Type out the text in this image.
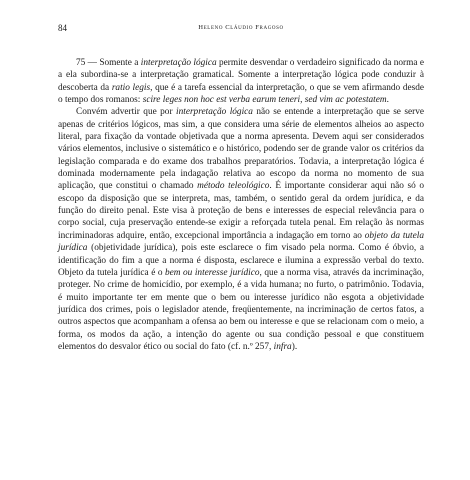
84	Heleno Cláudio Fragoso

75 — Somente a interpretação lógica permite desvendar o verdadeiro significado da norma e a ela subordina-se a interpretação gramatical. Somente a interpretação lógica pode conduzir à descoberta da ratio legis, que é a tarefa essencial da interpretação, o que se vem afirmando desde o tempo dos romanos: scire leges non hoc est verba earum teneri, sed vim ac potestatem.

Convém advertir que por interpretação lógica não se entende a interpretação que se serve apenas de critérios lógicos, mas sim, a que considera uma série de elementos alheios ao aspecto literal, para fixação da vontade objetivada que a norma apresenta. Devem aqui ser considerados vários elementos, inclusive o sistemático e o histórico, podendo ser de grande valor os critérios da legislação comparada e do exame dos trabalhos preparatórios. Todavia, a interpretação lógica é dominada modernamente pela indagação relativa ao escopo da norma no momento de sua aplicação, que constitui o chamado método teleológico. É importante considerar aqui não só o escopo da disposição que se interpreta, mas, também, o sentido geral da ordem jurídica, e da função do direito penal. Este visa à proteção de bens e interesses de especial relevância para o corpo social, cuja preservação entende-se exigir a reforçada tutela penal. Em relação às normas incriminadoras adquire, então, excepcional importância a indagação em torno ao objeto da tutela jurídica (objetividade jurídica), pois este esclarece o fim visado pela norma. Como é óbvio, a identificação do fim a que a norma é disposta, esclarece e ilumina a expressão verbal do texto. Objeto da tutela jurídica é o bem ou interesse jurídico, que a norma visa, através da incriminação, proteger. No crime de homicídio, por exemplo, é a vida humana; no furto, o patrimônio. Todavia, é muito importante ter em mente que o bem ou interesse jurídico não esgota a objetividade jurídica dos crimes, pois o legislador atende, freqüentemente, na incriminação de certos fatos, a outros aspectos que acompanham a ofensa ao bem ou interesse e que se relacionam com o meio, a forma, os modos da ação, a intenção do agente ou sua condição pessoal e que constituem elementos do desvalor ético ou social do fato (cf. n.º 257, infra).
